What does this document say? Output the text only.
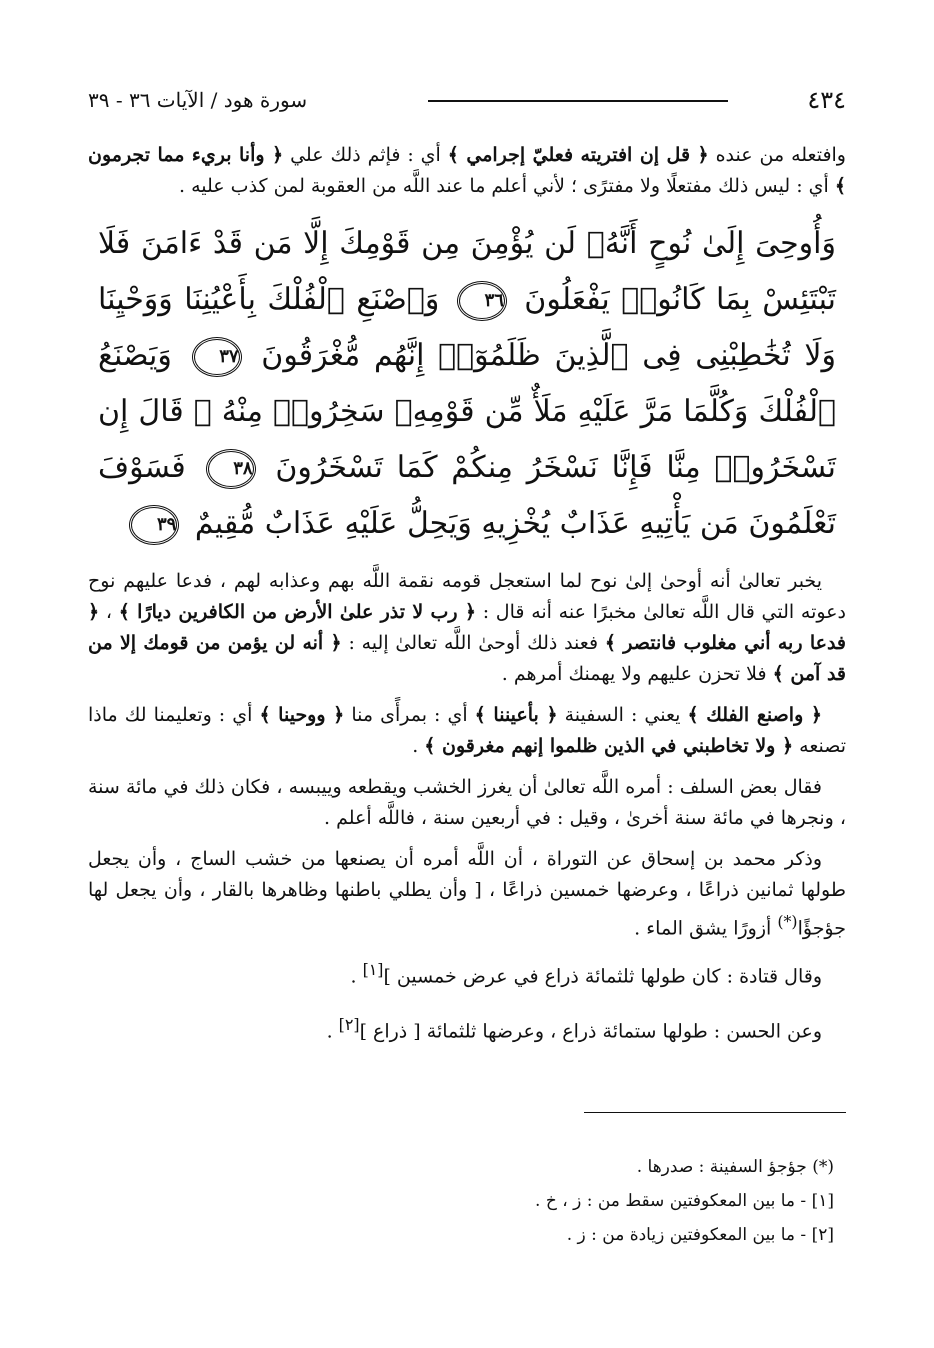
٤٣٤
سورة هود / الآيات ٣٦ - ٣٩

وافتعله من عنده ﴿ قل إن افتريته فعليّ إجرامي ﴾ أي : فإثم ذلك علي ﴿ وأنا بريء مما تجرمون ﴾ أي : ليس ذلك مفتعلًا ولا مفترًى ؛ لأني أعلم ما عند اللَّه من العقوبة لمن كذب عليه .

وَأُوحِىَ إِلَىٰ نُوحٍ أَنَّهُۥ لَن يُؤْمِنَ مِن قَوْمِكَ إِلَّا مَن قَدْ ءَامَنَ فَلَا تَبْتَئِسْ بِمَا كَانُوا۟ يَفْعَلُونَ ٣٦ وَٱصْنَعِ ٱلْفُلْكَ بِأَعْيُنِنَا وَوَحْيِنَا وَلَا تُخَٰطِبْنِى فِى ٱلَّذِينَ ظَلَمُوٓا۟ إِنَّهُم مُّغْرَقُونَ ٣٧ وَيَصْنَعُ ٱلْفُلْكَ وَكُلَّمَا مَرَّ عَلَيْهِ مَلَأٌ مِّن قَوْمِهِۦ سَخِرُوا۟ مِنْهُ ۚ قَالَ إِن تَسْخَرُوا۟ مِنَّا فَإِنَّا نَسْخَرُ مِنكُمْ كَمَا تَسْخَرُونَ ٣٨ فَسَوْفَ تَعْلَمُونَ مَن يَأْتِيهِ عَذَابٌ يُخْزِيهِ وَيَحِلُّ عَلَيْهِ عَذَابٌ مُّقِيمٌ ٣٩

يخبر تعالىٰ أنه أوحىٰ إلىٰ نوح لما استعجل قومه نقمة اللَّه بهم وعذابه لهم ، فدعا عليهم نوح دعوته التي قال اللَّه تعالىٰ مخبرًا عنه أنه قال : ﴿ رب لا تذر علىٰ الأرض من الكافرين ديارًا ﴾ ، ﴿ فدعا ربه أني مغلوب فانتصر ﴾ فعند ذلك أوحىٰ اللَّه تعالىٰ إليه : ﴿ أنه لن يؤمن من قومك إلا من قد آمن ﴾ فلا تحزن عليهم ولا يهمنك أمرهم .

﴿ واصنع الفلك ﴾ يعني : السفينة ﴿ بأعيننا ﴾ أي : بمرأًى منا ﴿ ووحينا ﴾ أي : وتعليمنا لك ماذا تصنعه ﴿ ولا تخاطبني في الذين ظلموا إنهم مغرقون ﴾ .

فقال بعض السلف : أمره اللَّه تعالىٰ أن يغرز الخشب ويقطعه وييبسه ، فكان ذلك في مائة سنة ، ونجرها في مائة سنة أخرىٰ ، وقيل : في أربعين سنة ، فاللَّه أعلم .

وذكر محمد بن إسحاق عن التوراة ، أن اللَّه أمره أن يصنعها من خشب الساج ، وأن يجعل طولها ثمانين ذراعًا ، وعرضها خمسين ذراعًا ، [ وأن يطلي باطنها وظاهرها بالقار ، وأن يجعل لها جؤجؤًا(*) أزورًا يشق الماء .

وقال قتادة : كان طولها ثلثمائة ذراع في عرض خمسين ][١] .

وعن الحسن : طولها ستمائة ذراع ، وعرضها ثلثمائة [ ذراع ][٢] .

(*) جؤجؤ السفينة : صدرها .

[١] - ما بين المعكوفتين سقط من : ز ، خ .

[٢] - ما بين المعكوفتين زيادة من : ز .
